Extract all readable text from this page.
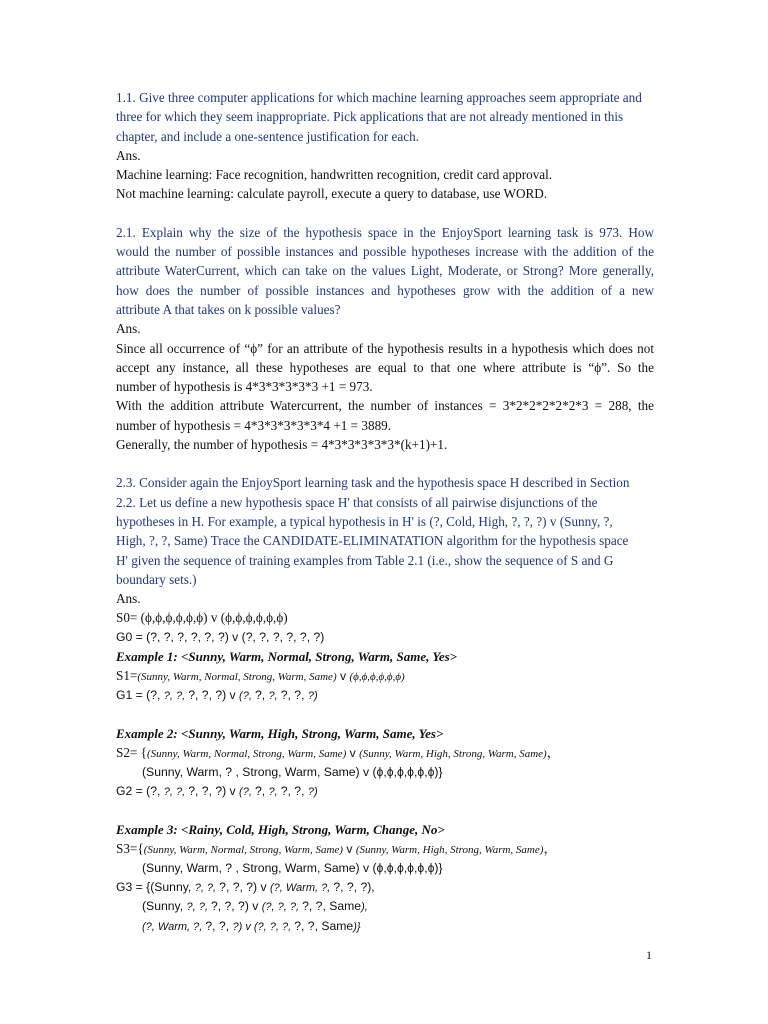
1.1. Give three computer applications for which machine learning approaches seem appropriate and
three for which they seem inappropriate. Pick applications that are not already mentioned in this
chapter, and include a one-sentence justification for each.
Ans.
Machine learning: Face recognition, handwritten recognition, credit card approval.
Not machine learning: calculate payroll, execute a query to database, use WORD.
2.1. Explain why the size of the hypothesis space in the EnjoySport learning task is 973. How
would the number of possible instances and possible hypotheses increase with the addition of the
attribute WaterCurrent, which can take on the values Light, Moderate, or Strong? More generally,
how does the number of possible instances and hypotheses grow with the addition of a new
attribute A that takes on k possible values?
Ans.
Since all occurrence of “ϕ” for an attribute of the hypothesis results in a hypothesis which does not
accept any instance, all these hypotheses are equal to that one where attribute is “ϕ”. So the
number of hypothesis is 4*3*3*3*3*3 +1 = 973.
With the addition attribute Watercurrent, the number of instances = 3*2*2*2*2*2*3 = 288, the
number of hypothesis = 4*3*3*3*3*3*4 +1 = 3889.
Generally, the number of hypothesis = 4*3*3*3*3*3*(k+1)+1.
2.3. Consider again the EnjoySport learning task and the hypothesis space H described in Section
2.2. Let us define a new hypothesis space H' that consists of all pairwise disjunctions of the
hypotheses in H. For example, a typical hypothesis in H' is (?, Cold, High, ?, ?, ?) v (Sunny, ?,
High, ?, ?, Same) Trace the CANDIDATE-ELIMINATATION algorithm for the hypothesis space
H' given the sequence of training examples from Table 2.1 (i.e., show the sequence of S and G
boundary sets.)
Ans.
S0= (ϕ,ϕ,ϕ,ϕ,ϕ,ϕ) v (ϕ,ϕ,ϕ,ϕ,ϕ,ϕ)
G0 = (?, ?, ?, ?, ?, ?) v (?, ?, ?, ?, ?, ?)
Example 1: <Sunny, Warm, Normal, Strong, Warm, Same, Yes>
S1=(Sunny, Warm, Normal, Strong, Warm, Same) v (ϕ,ϕ,ϕ,ϕ,ϕ,ϕ)
G1 = (?, ?, ?, ?, ?, ?) v (?, ?, ?, ?, ?, ?)
Example 2: <Sunny, Warm, High, Strong, Warm, Same, Yes>
S2= {(Sunny, Warm, Normal, Strong, Warm, Same) v (Sunny, Warm, High, Strong, Warm, Same)，
(Sunny, Warm, ? , Strong, Warm, Same) v (ϕ,ϕ,ϕ,ϕ,ϕ,ϕ)}
G2 = (?, ?, ?, ?, ?, ?) v (?, ?, ?, ?, ?, ?)
Example 3: <Rainy, Cold, High, Strong, Warm, Change, No>
S3={(Sunny, Warm, Normal, Strong, Warm, Same) v (Sunny, Warm, High, Strong, Warm, Same)，
(Sunny, Warm, ? , Strong, Warm, Same) v (ϕ,ϕ,ϕ,ϕ,ϕ,ϕ)}
G3 = {(Sunny, ?, ?, ?, ?, ?) v (?, Warm, ?, ?, ?, ?),
(Sunny, ?, ?, ?, ?, ?) v (?, ?, ?, ?, ?, Same),
(?, Warm, ?, ?, ?, ?) v (?, ?, ?, ?, ?, Same)}
1
